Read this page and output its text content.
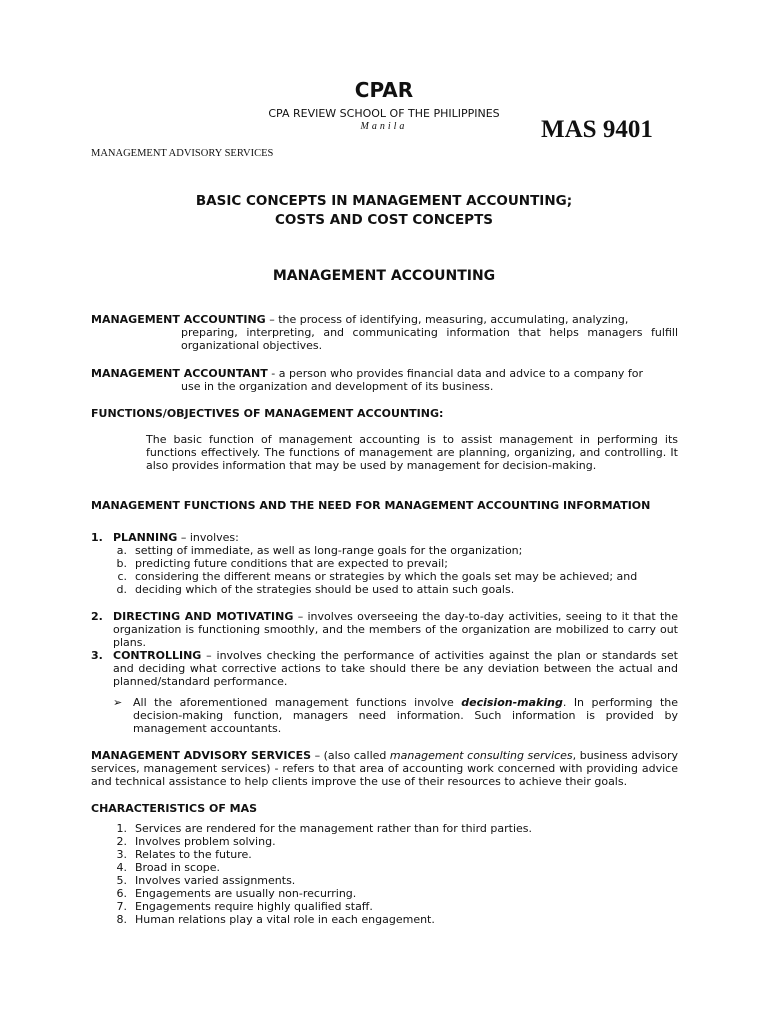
CPAR
CPA REVIEW SCHOOL OF THE PHILIPPINES
Manila	MAS 9401
MANAGEMENT ADVISORY SERVICES
BASIC CONCEPTS IN MANAGEMENT ACCOUNTING;
COSTS AND COST CONCEPTS
MANAGEMENT ACCOUNTING
MANAGEMENT ACCOUNTING – the process of identifying, measuring, accumulating, analyzing,
preparing, interpreting, and communicating information that helps managers fulfill organizational objectives.
MANAGEMENT ACCOUNTANT - a person who provides financial data and advice to a company for
use in the organization and development of its business.
FUNCTIONS/OBJECTIVES OF MANAGEMENT ACCOUNTING:
The basic function of management accounting is to assist management in performing its functions effectively. The functions of management are planning, organizing, and controlling. It also provides information that may be used by management for decision-making.
MANAGEMENT FUNCTIONS AND THE NEED FOR MANAGEMENT ACCOUNTING INFORMATION
1. PLANNING – involves:
a. setting of immediate, as well as long-range goals for the organization;
b. predicting future conditions that are expected to prevail;
c. considering the different means or strategies by which the goals set may be achieved; and
d. deciding which of the strategies should be used to attain such goals.
2. DIRECTING AND MOTIVATING – involves overseeing the day-to-day activities, seeing to it that the organization is functioning smoothly, and the members of the organization are mobilized to carry out plans.
3. CONTROLLING – involves checking the performance of activities against the plan or standards set and deciding what corrective actions to take should there be any deviation between the actual and planned/standard performance.
➢ All the aforementioned management functions involve decision-making. In performing the decision-making function, managers need information. Such information is provided by management accountants.
MANAGEMENT ADVISORY SERVICES – (also called management consulting services, business advisory services, management services) - refers to that area of accounting work concerned with providing advice and technical assistance to help clients improve the use of their resources to achieve their goals.
CHARACTERISTICS OF MAS
1. Services are rendered for the management rather than for third parties.
2. Involves problem solving.
3. Relates to the future.
4. Broad in scope.
5. Involves varied assignments.
6. Engagements are usually non-recurring.
7. Engagements require highly qualified staff.
8. Human relations play a vital role in each engagement.
